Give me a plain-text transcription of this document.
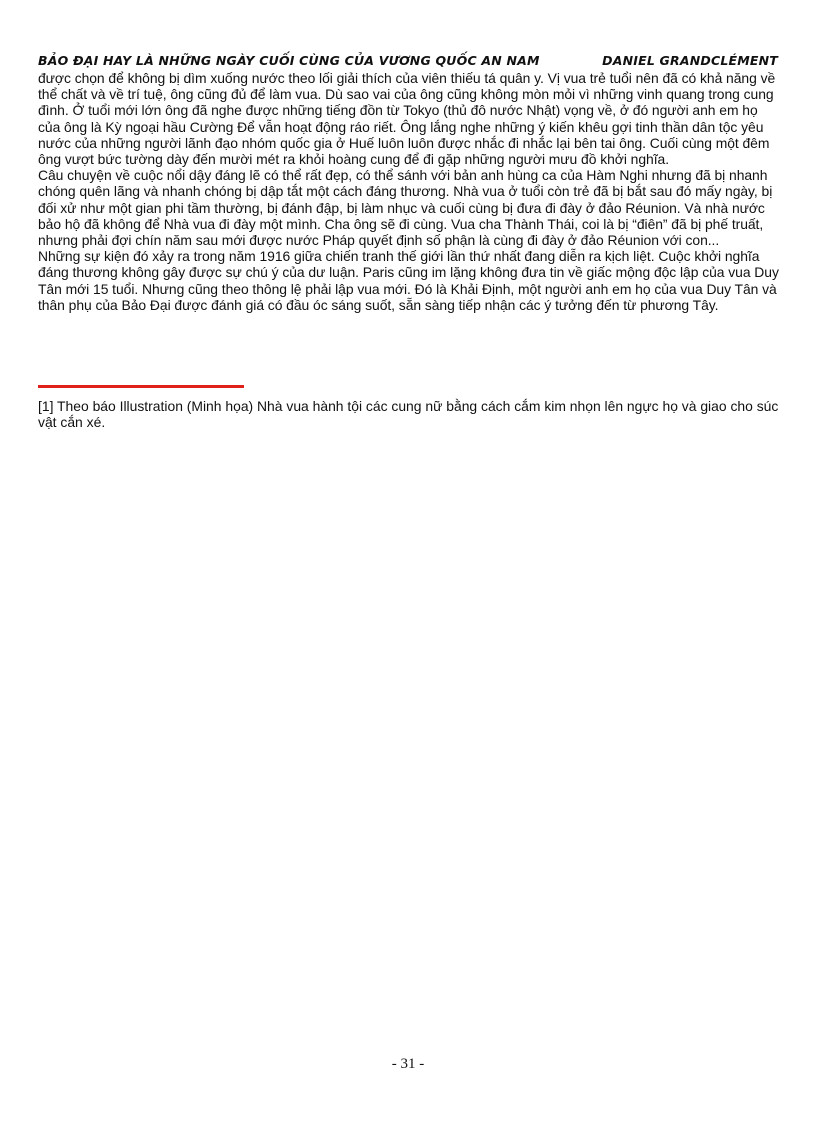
BẢO ĐẠI HAY LÀ NHỮNG NGÀY CUỐI CÙNG CỦA VƯƠNG QUỐC AN NAM	DANIEL GRANDCLÉMENT

được chọn để không bị dìm xuống nước theo lối giải thích của viên thiếu tá quân y. Vị vua trẻ tuổi nên đã có khả năng về thể chất và về trí tuệ, ông cũng đủ để làm vua. Dù sao vai của ông cũng không mòn mỏi vì những vinh quang trong cung đình. Ở tuổi mới lớn ông đã nghe được những tiếng đồn từ Tokyo (thủ đô nước Nhật) vọng về, ở đó người anh em họ của ông là Kỳ ngoại hầu Cường Để vẫn hoạt động ráo riết. Ông lắng nghe những ý kiến khêu gợi tinh thần dân tộc yêu nước của những người lãnh đạo nhóm quốc gia ở Huế luôn luôn được nhắc đi nhắc lại bên tai ông. Cuối cùng một đêm ông vượt bức tường dày đến mười mét ra khỏi hoàng cung để đi gặp những người mưu đồ khởi nghĩa.

Câu chuyện về cuộc nổi dậy đáng lẽ có thể rất đẹp, có thể sánh với bản anh hùng ca của Hàm Nghi nhưng đã bị nhanh chóng quên lãng và nhanh chóng bị dập tắt một cách đáng thương. Nhà vua ở tuổi còn trẻ đã bị bắt sau đó mấy ngày, bị đối xử như một gian phi tầm thường, bị đánh đập, bị làm nhục và cuối cùng bị đưa đi đày ở đảo Réunion. Và nhà nước bảo hộ đã không để Nhà vua đi đày một mình. Cha ông sẽ đi cùng. Vua cha Thành Thái, coi là bị “điên” đã bị phế truất, nhưng phải đợi chín năm sau mới được nước Pháp quyết định số phận là cùng đi đày ở đảo Réunion với con...

Những sự kiện đó xảy ra trong năm 1916 giữa chiến tranh thế giới lần thứ nhất đang diễn ra kịch liệt. Cuộc khởi nghĩa đáng thương không gây được sự chú ý của dư luận. Paris cũng im lặng không đưa tin về giấc mộng độc lập của vua Duy Tân mới 15 tuổi. Nhưng cũng theo thông lệ phải lập vua mới. Đó là Khải Định, một người anh em họ của vua Duy Tân và thân phụ của Bảo Đại được đánh giá có đầu óc sáng suốt, sẵn sàng tiếp nhận các ý tưởng đến từ phương Tây.

[1] Theo báo Illustration (Minh họa) Nhà vua hành tội các cung nữ bằng cách cắm kim nhọn lên ngực họ và giao cho súc vật cắn xé.

- 31 -
